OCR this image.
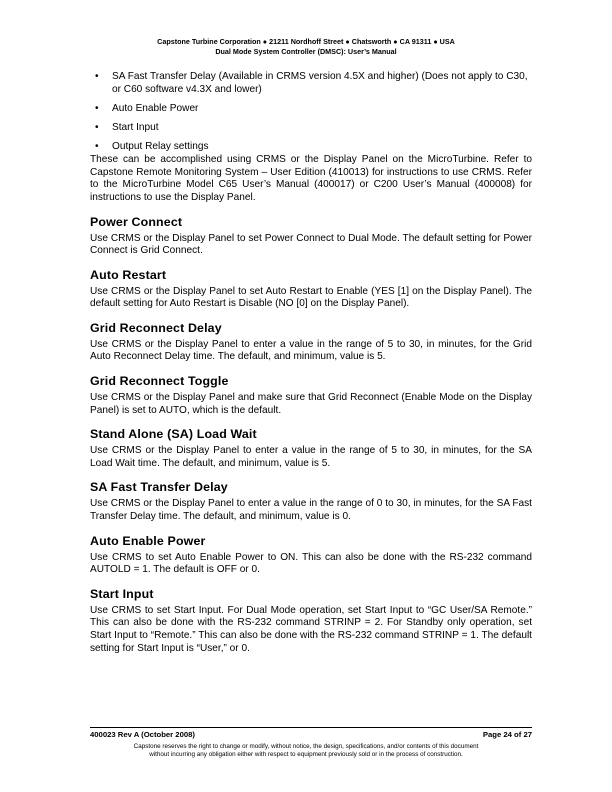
Capstone Turbine Corporation ● 21211 Nordhoff Street ● Chatsworth ● CA 91311 ● USA
Dual Mode System Controller (DMSC): User’s Manual
• SA Fast Transfer Delay (Available in CRMS version 4.5X and higher) (Does not apply to C30, or C60 software v4.3X and lower)
• Auto Enable Power
• Start Input
• Output Relay settings

These can be accomplished using CRMS or the Display Panel on the MicroTurbine. Refer to Capstone Remote Monitoring System – User Edition (410013) for instructions to use CRMS. Refer to the MicroTurbine Model C65 User’s Manual (400017) or C200 User’s Manual (400008) for instructions to use the Display Panel.

Power Connect

Use CRMS or the Display Panel to set Power Connect to Dual Mode. The default setting for Power Connect is Grid Connect.

Auto Restart

Use CRMS or the Display Panel to set Auto Restart to Enable (YES [1] on the Display Panel). The default setting for Auto Restart is Disable (NO [0] on the Display Panel).

Grid Reconnect Delay

Use CRMS or the Display Panel to enter a value in the range of 5 to 30, in minutes, for the Grid Auto Reconnect Delay time. The default, and minimum, value is 5.

Grid Reconnect Toggle

Use CRMS or the Display Panel and make sure that Grid Reconnect (Enable Mode on the Display Panel) is set to AUTO, which is the default.

Stand Alone (SA) Load Wait

Use CRMS or the Display Panel to enter a value in the range of 5 to 30, in minutes, for the SA Load Wait time. The default, and minimum, value is 5.

SA Fast Transfer Delay

Use CRMS or the Display Panel to enter a value in the range of 0 to 30, in minutes, for the SA Fast Transfer Delay time. The default, and minimum, value is 0.

Auto Enable Power

Use CRMS to set Auto Enable Power to ON. This can also be done with the RS-232 command AUTOLD = 1. The default is OFF or 0.

Start Input

Use CRMS to set Start Input. For Dual Mode operation, set Start Input to “GC User/SA Remote.” This can also be done with the RS-232 command STRINP = 2. For Standby only operation, set Start Input to “Remote.” This can also be done with the RS-232 command STRINP = 1. The default setting for Start Input is “User,” or 0.

400023 Rev A (October 2008)	Page 24 of 27
Capstone reserves the right to change or modify, without notice, the design, specifications, and/or contents of this document
without incurring any obligation either with respect to equipment previously sold or in the process of construction.
